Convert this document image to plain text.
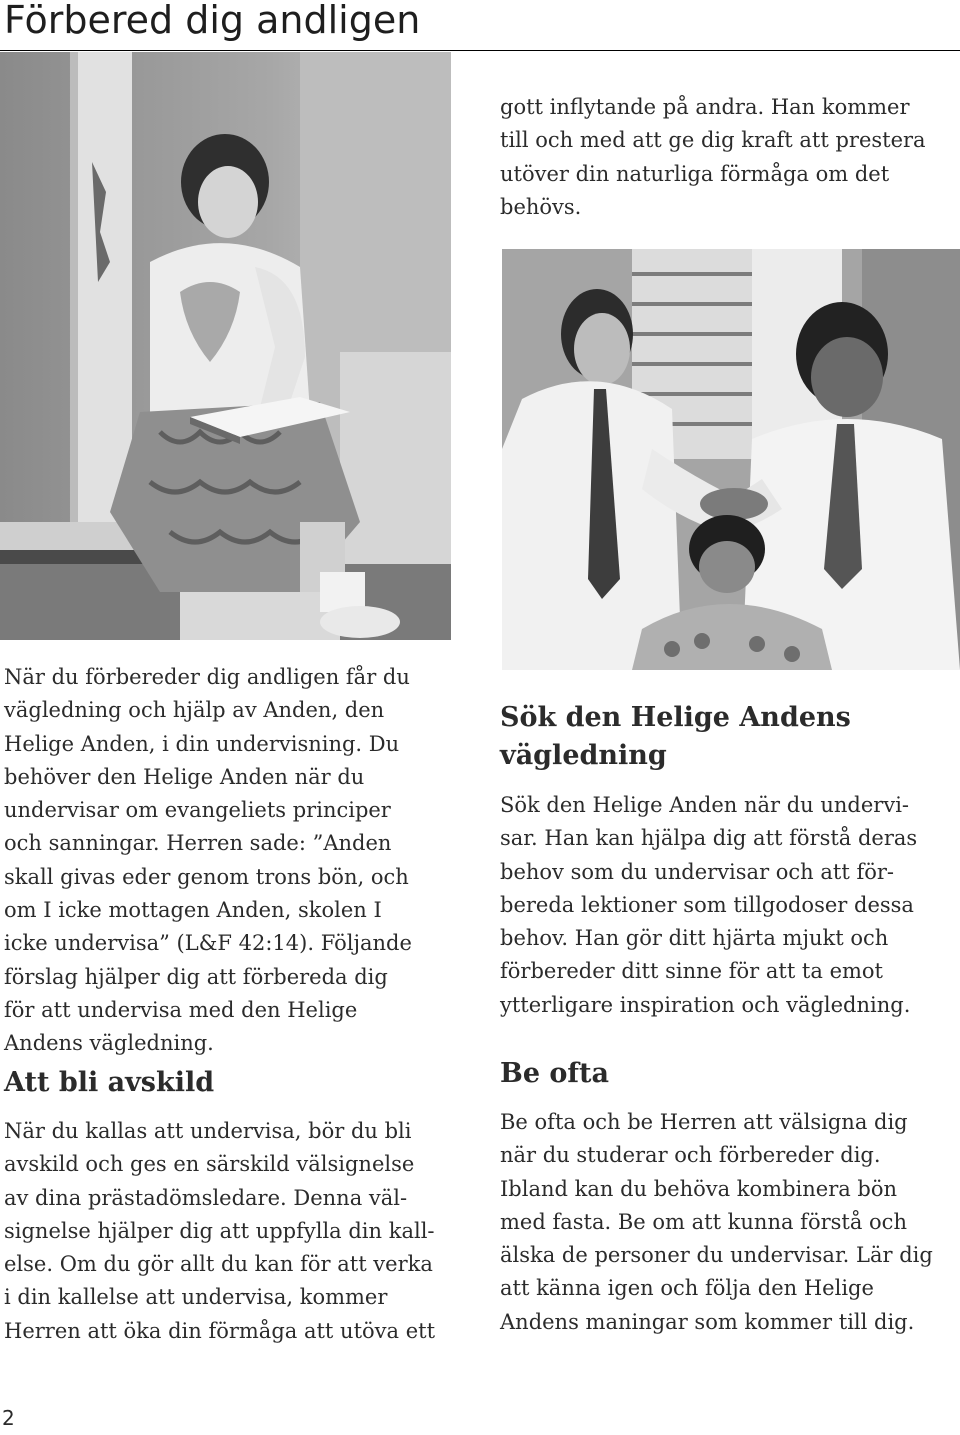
Förbered dig andligen

gott inflytande på andra. Han kommer
till och med att ge dig kraft att prestera
utöver din naturliga förmåga om det
behövs.

När du förbereder dig andligen får du
vägledning och hjälp av Anden, den
Helige Anden, i din undervisning. Du
behöver den Helige Anden när du
undervisar om evangeliets principer
och sanningar. Herren sade: ”Anden
skall givas eder genom trons bön, och
om I icke mottagen Anden, skolen I
icke undervisa” (L&F 42:14). Följande
förslag hjälper dig att förbereda dig
för att undervisa med den Helige
Andens vägledning.

Att bli avskild

När du kallas att undervisa, bör du bli
avskild och ges en särskild välsignelse
av dina prästadömsledare. Denna väl-
signelse hjälper dig att uppfylla din kall-
else. Om du gör allt du kan för att verka
i din kallelse att undervisa, kommer
Herren att öka din förmåga att utöva ett

Sök den Helige Andens
vägledning

Sök den Helige Anden när du undervi-
sar. Han kan hjälpa dig att förstå deras
behov som du undervisar och att för-
bereda lektioner som tillgodoser dessa
behov. Han gör ditt hjärta mjukt och
förbereder ditt sinne för att ta emot
ytterligare inspiration och vägledning.

Be ofta

Be ofta och be Herren att välsigna dig
när du studerar och förbereder dig.
Ibland kan du behöva kombinera bön
med fasta. Be om att kunna förstå och
älska de personer du undervisar. Lär dig
att känna igen och följa den Helige
Andens maningar som kommer till dig.

2
